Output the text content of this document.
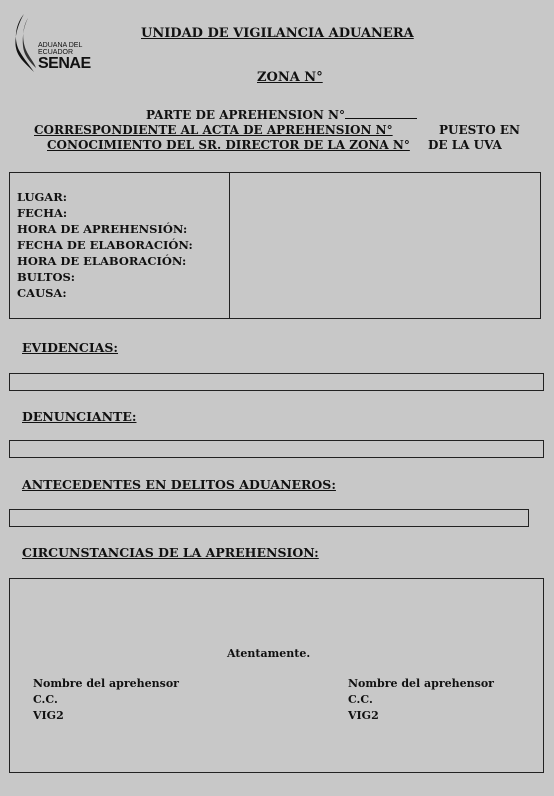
ADUANA DEL
ECUADOR
SENAE
UNIDAD DE VIGILANCIA ADUANERA
ZONA N°
PARTE DE APREHENSION N°
CORRESPONDIENTE AL ACTA DE APREHENSION N°	PUESTO EN
CONOCIMIENTO DEL SR. DIRECTOR DE LA ZONA N° DE LA UVA
LUGAR:
FECHA:
HORA DE APREHENSIÓN:
FECHA DE ELABORACIÓN:
HORA DE ELABORACIÓN:
BULTOS:
CAUSA:
EVIDENCIAS:
DENUNCIANTE:
ANTECEDENTES EN DELITOS ADUANEROS:
CIRCUNSTANCIAS DE LA APREHENSION:
Atentamente.
Nombre del aprehensor
C.C.
VIG2
Nombre del aprehensor
C.C.
VIG2
